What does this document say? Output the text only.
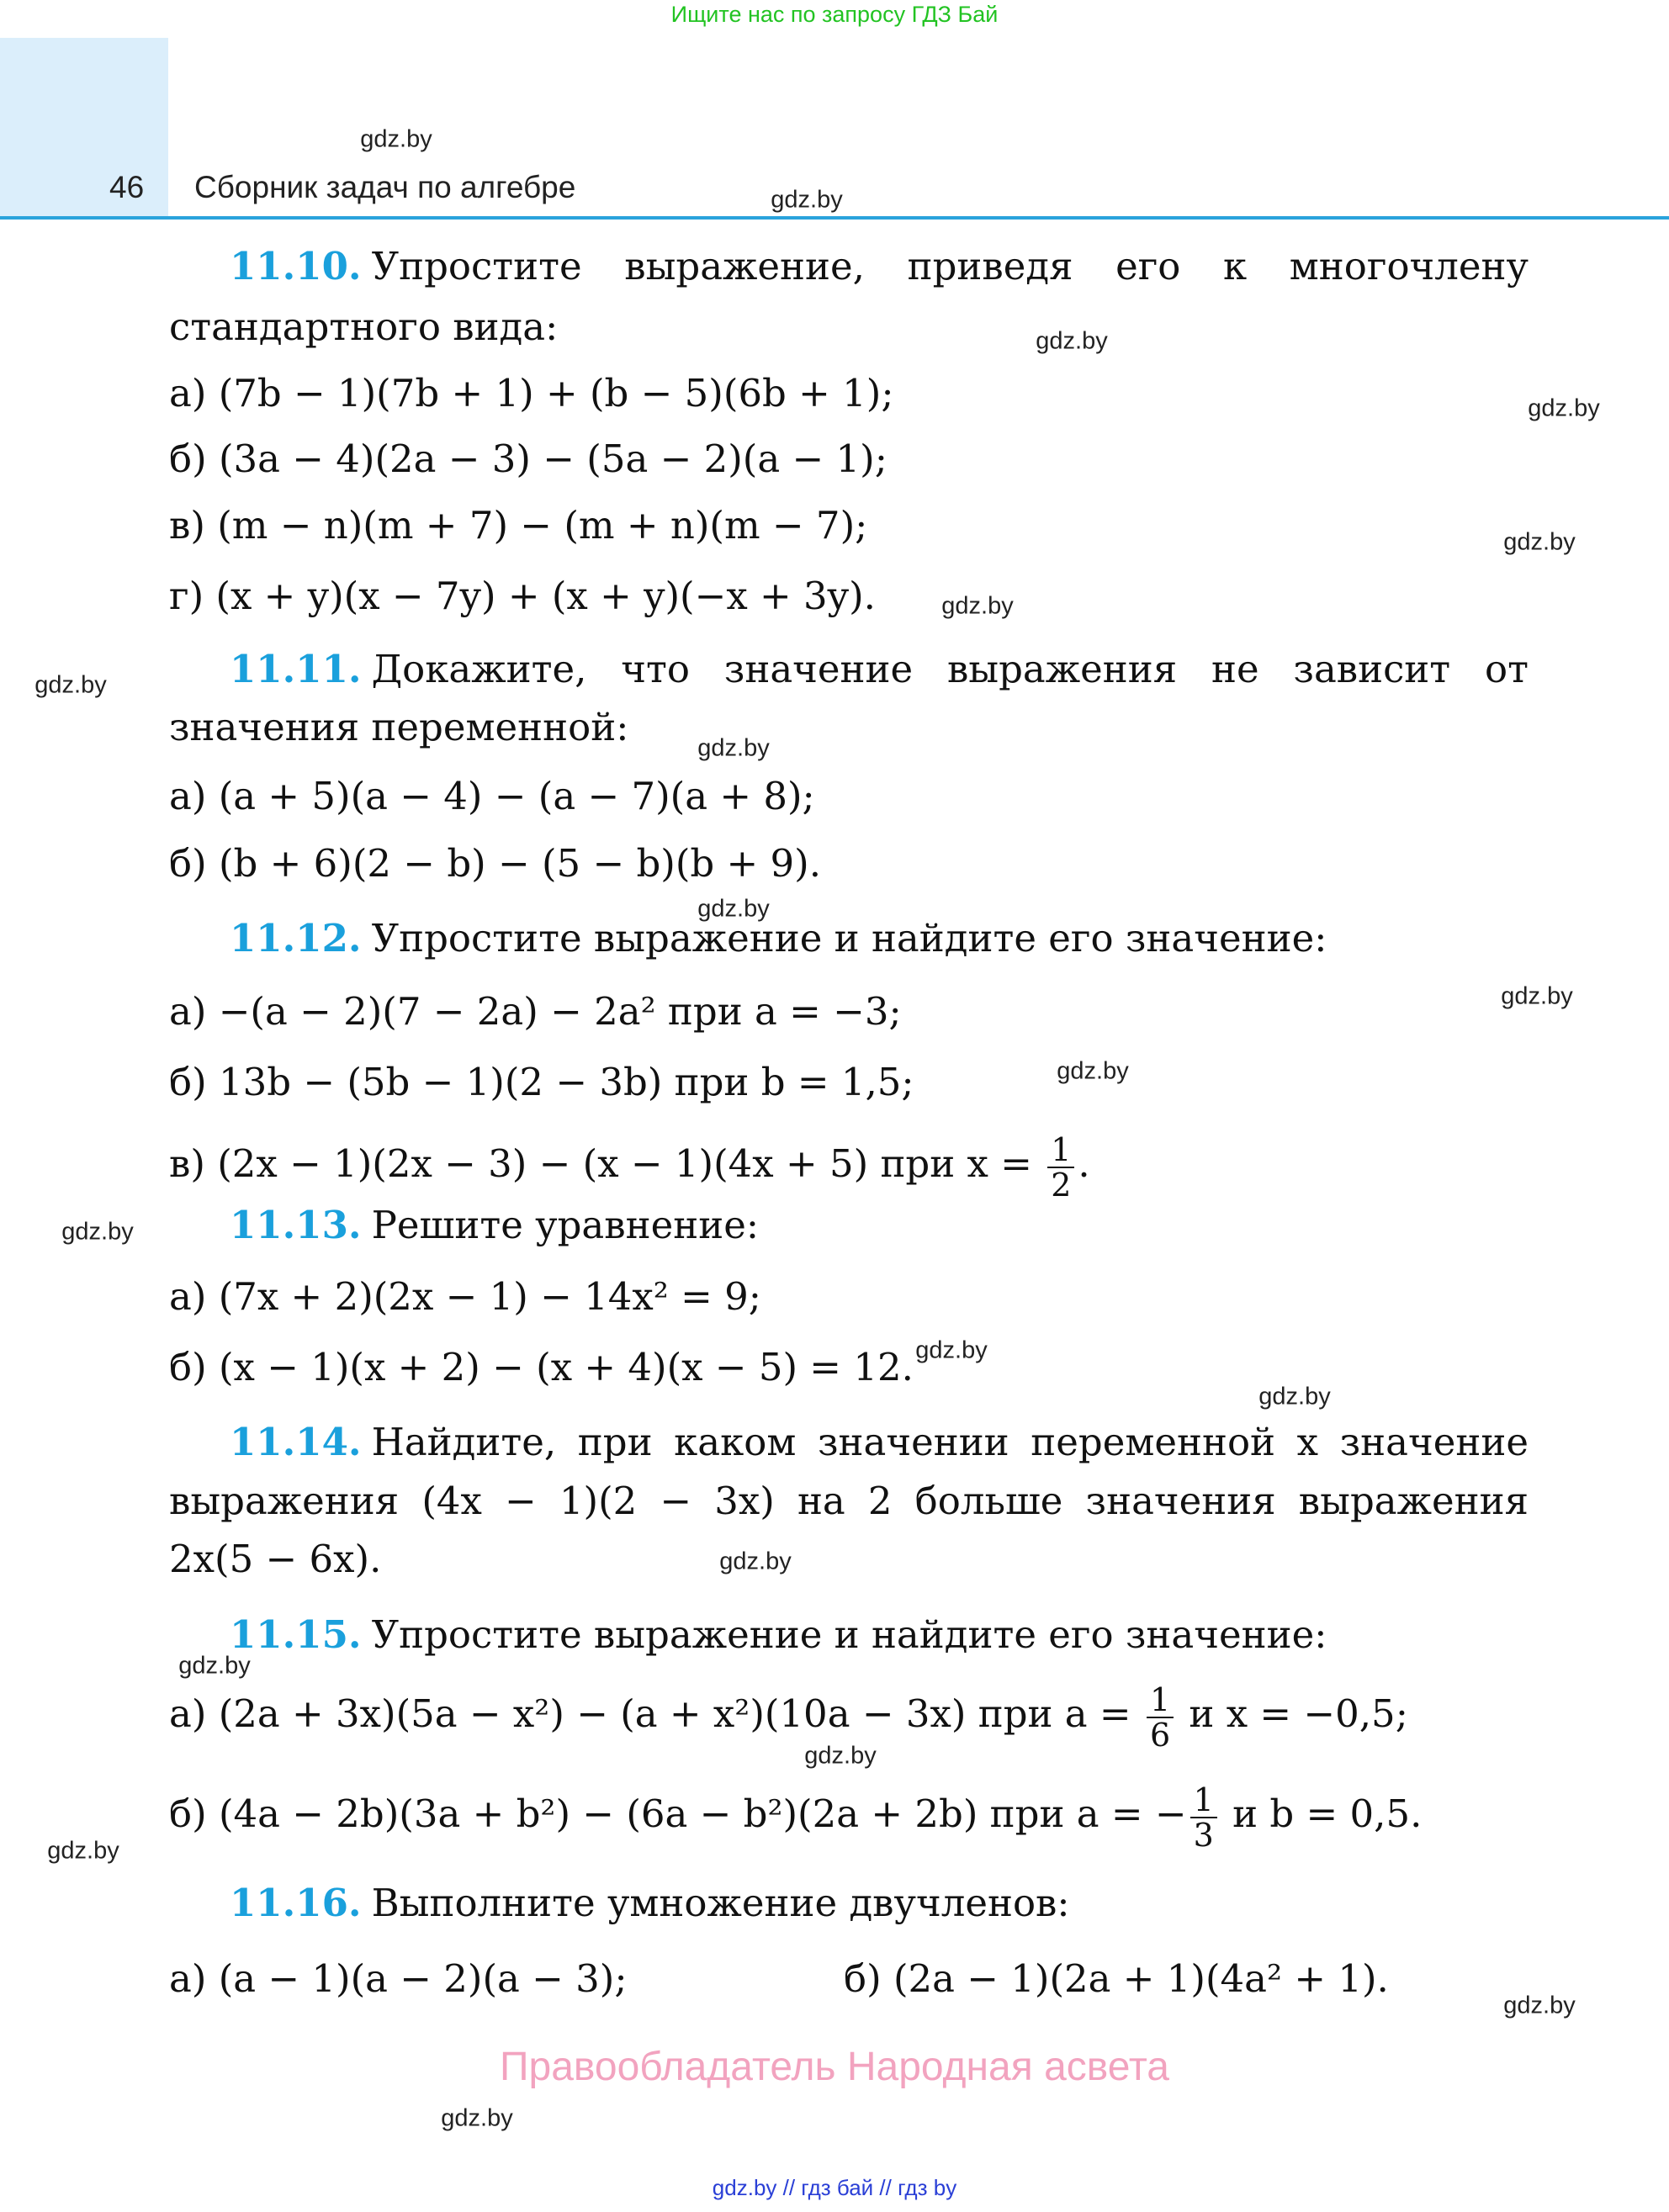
Ищите нас по запросу ГДЗ Бай
46 Сборник задач по алгебре
11.10. Упростите выражение, приведя его к многочлену
стандартного вида:
а) (7b − 1)(7b + 1) + (b − 5)(6b + 1);
б) (3a − 4)(2a − 3) − (5a − 2)(a − 1);
в) (m − n)(m + 7) − (m + n)(m − 7);
г) (x + y)(x − 7y) + (x + y)(−x + 3y).
11.11. Докажите, что значение выражения не зависит от
значения переменной:
а) (a + 5)(a − 4) − (a − 7)(a + 8);
б) (b + 6)(2 − b) − (5 − b)(b + 9).
11.12. Упростите выражение и найдите его значение:
а) −(a − 2)(7 − 2a) − 2a² при a = −3;
б) 13b − (5b − 1)(2 − 3b) при b = 1,5;
в) (2x − 1)(2x − 3) − (x − 1)(4x + 5) при $x = \frac{1}{2}$ .
11.13. Решите уравнение:
а) (7x + 2)(2x − 1) − 14x² = 9;
б) (x − 1)(x + 2) − (x + 4)(x − 5) = 12.
11.14. Найдите, при каком значении переменной x значение
выражения (4x − 1)(2 − 3x) на 2 больше значения выражения
2x(5 − 6x).
11.15. Упростите выражение и найдите его значение:
а) (2a + 3x)(5a − x²) − (a + x²)(10a − 3x) при $a = \frac{1}{6}$ и x = −0,5;
б) (4a − 2b)(3a + b²) − (6a − b²)(2a + 2b) при a = − $\frac{1}{3}$ и b = 0,5.
11.16. Выполните умножение двучленов:
а) (a − 1)(a − 2)(a − 3);	б) (2a − 1)(2a + 1)(4a² + 1).
gdz.by
gdz.by
gdz.by
gdz.by
gdz.by
gdz.by
gdz.by
gdz.by
gdz.by
gdz.by
gdz.by
gdz.by
gdz.by
gdz.by
gdz.by
gdz.by
gdz.by
gdz.by
gdz.by
gdz.by
Правообладатель Народная асвета
gdz.by // гдз бай // гдз by
